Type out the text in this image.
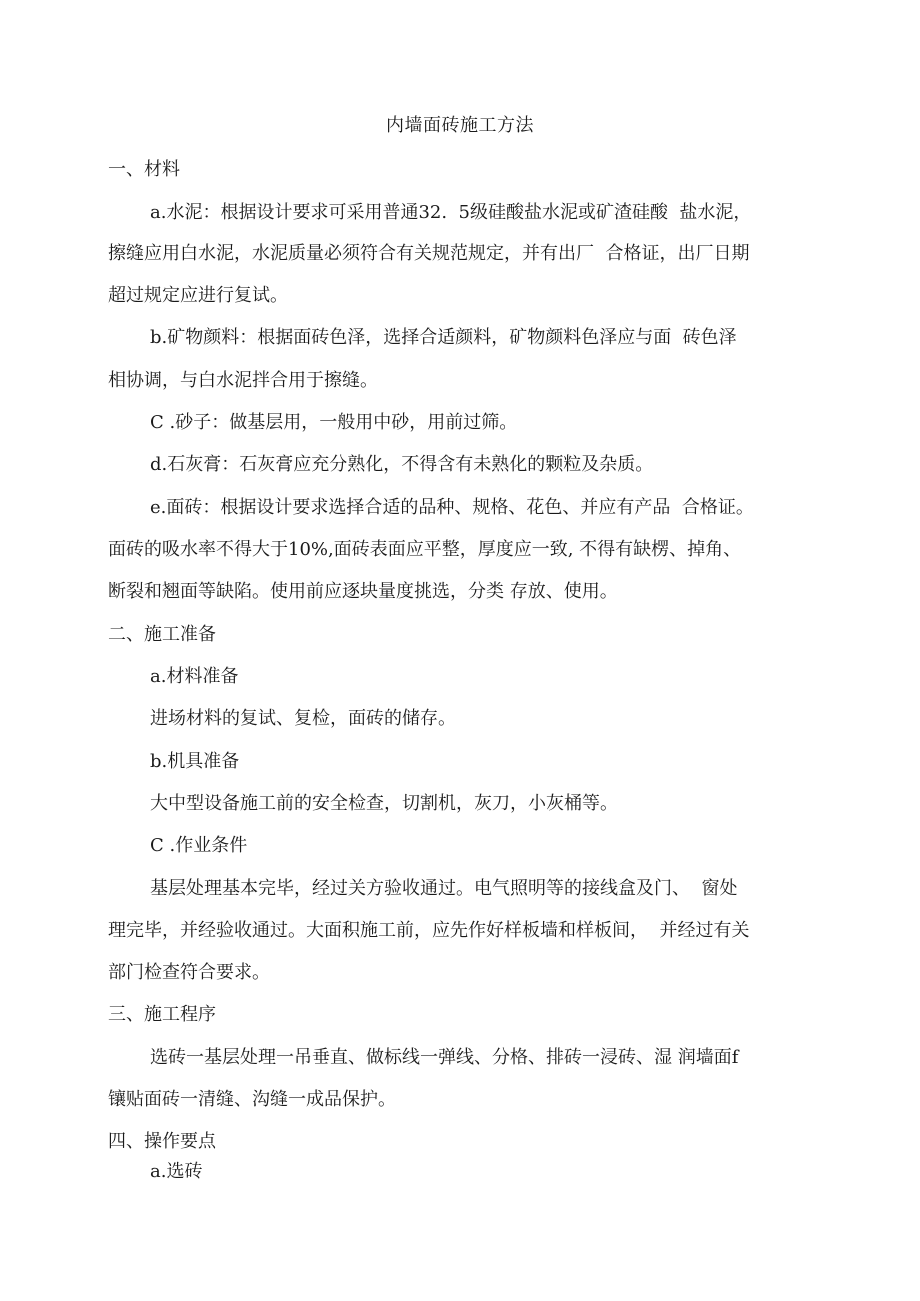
内墙面砖施工方法
一、材料
a.水泥：根据设计要求可采用普通32.  5级硅酸盐水泥或矿渣硅酸  盐水泥，
擦缝应用白水泥，水泥质量必须符合有关规范规定，并有出厂  合格证，出厂日期
超过规定应进行复试。
b.矿物颜料：根据面砖色泽，选择合适颜料，矿物颜料色泽应与面  砖色泽
相协调，与白水泥拌合用于擦缝。
C .砂子：做基层用，一般用中砂，用前过筛。
d.石灰膏：石灰膏应充分熟化，不得含有未熟化的颗粒及杂质。
e.面砖：根据设计要求选择合适的品种、规格、花色、并应有产品  合格证。
面砖的吸水率不得大于10%,面砖表面应平整，厚度应一致, 不得有缺楞、掉角、
断裂和翘面等缺陷。使用前应逐块量度挑选，分类 存放、使用。
二、施工准备
a.材料准备
进场材料的复试、复检，面砖的储存。
b.机具准备
大中型设备施工前的安全检查，切割机，灰刀，小灰桶等。
C .作业条件
基层处理基本完毕，经过关方验收通过。电气照明等的接线盒及门、  窗处
理完毕，并经验收通过。大面积施工前，应先作好样板墙和样板间，  并经过有关
部门检查符合要求。
三、施工程序
选砖一基层处理一吊垂直、做标线一弹线、分格、排砖一浸砖、湿 润墙面f
镶贴面砖一清缝、沟缝一成品保护。
四、操作要点
a.选砖
